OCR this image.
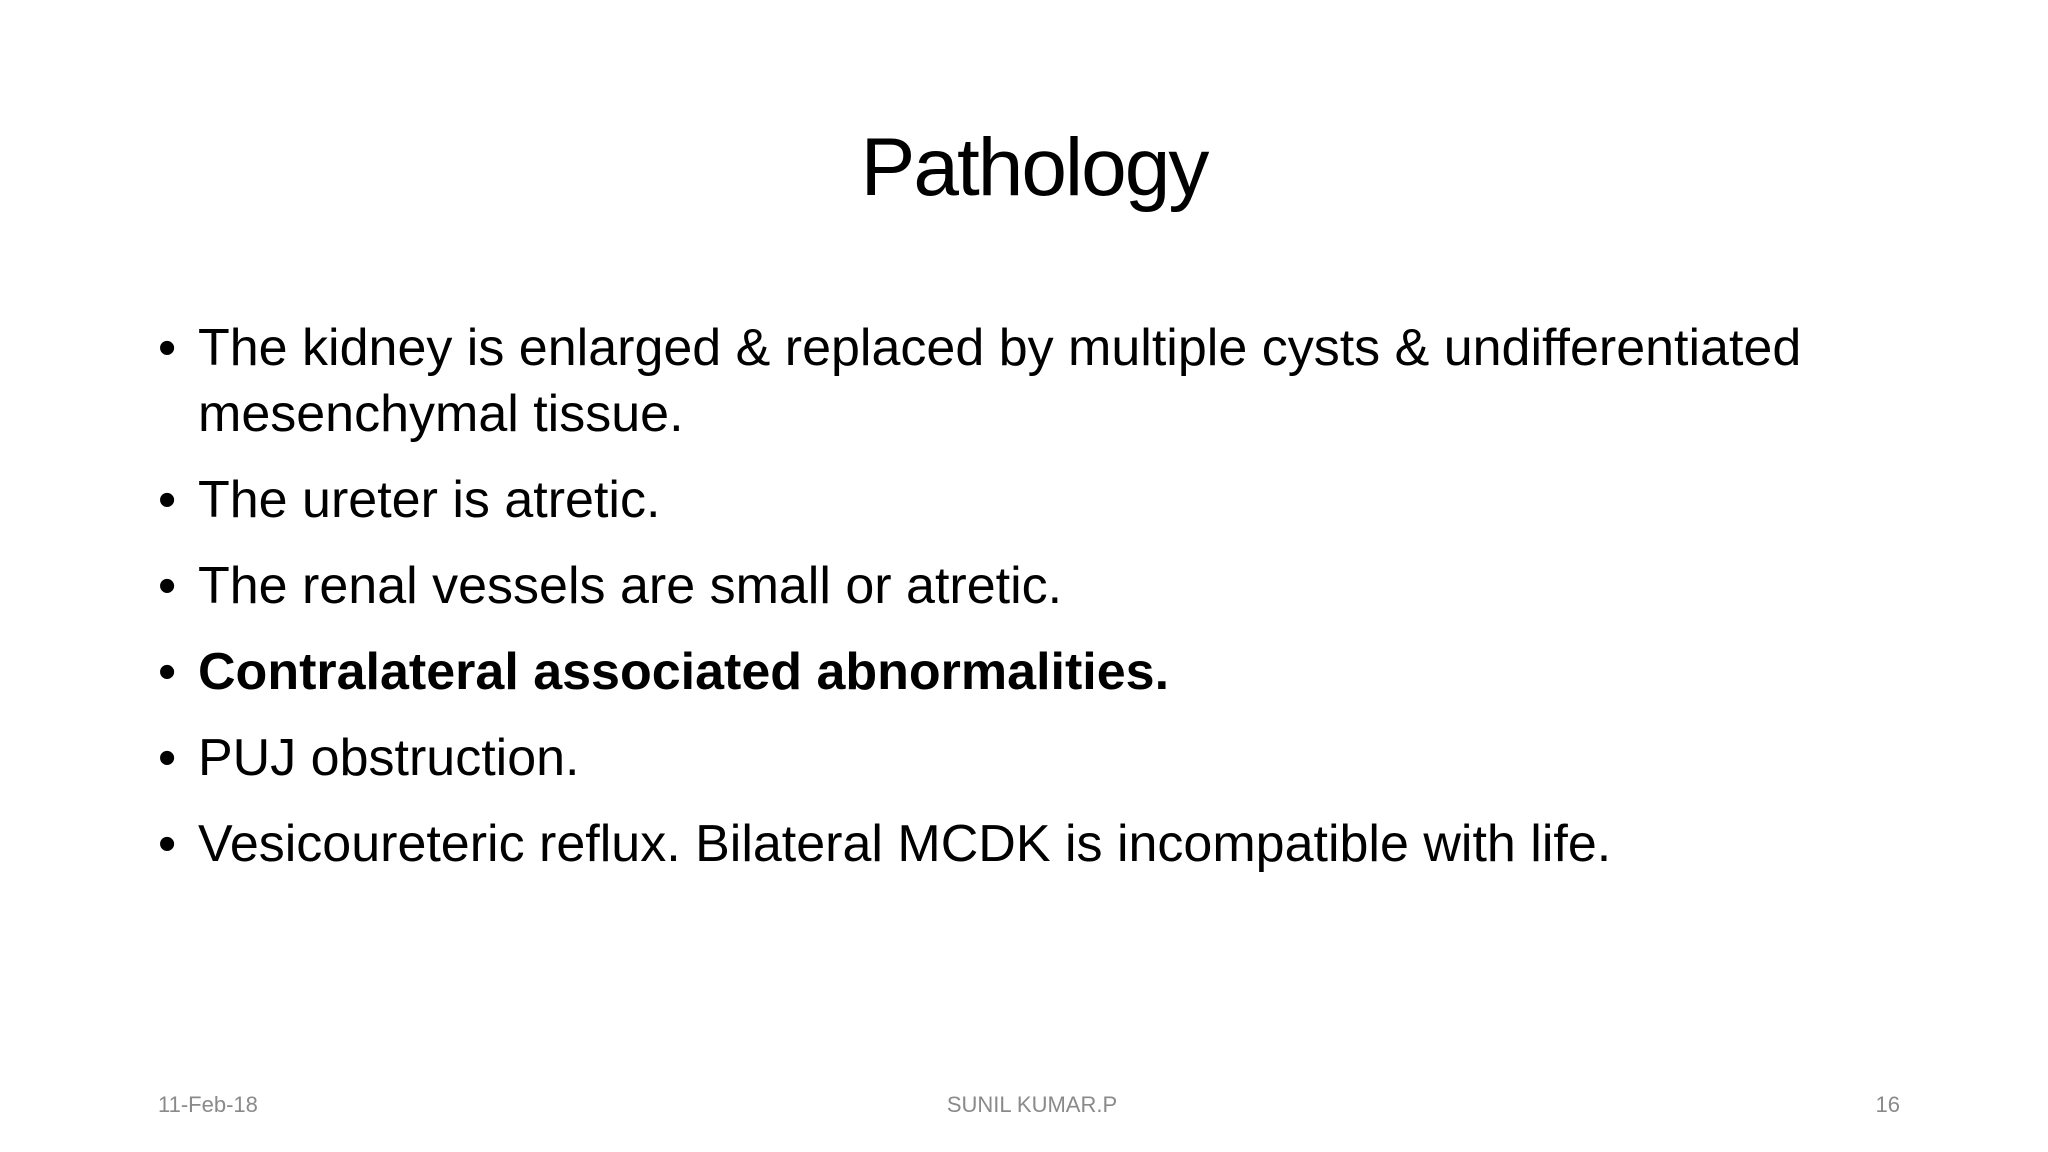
Pathology
• The kidney is enlarged & replaced by multiple cysts & undifferentiated mesenchymal tissue.
• The ureter is atretic.
• The renal vessels are small or atretic.
• Contralateral associated abnormalities.
• PUJ obstruction.
• Vesicoureteric reflux. Bilateral MCDK is incompatible with life.
11-Feb-18	SUNIL KUMAR.P	16
